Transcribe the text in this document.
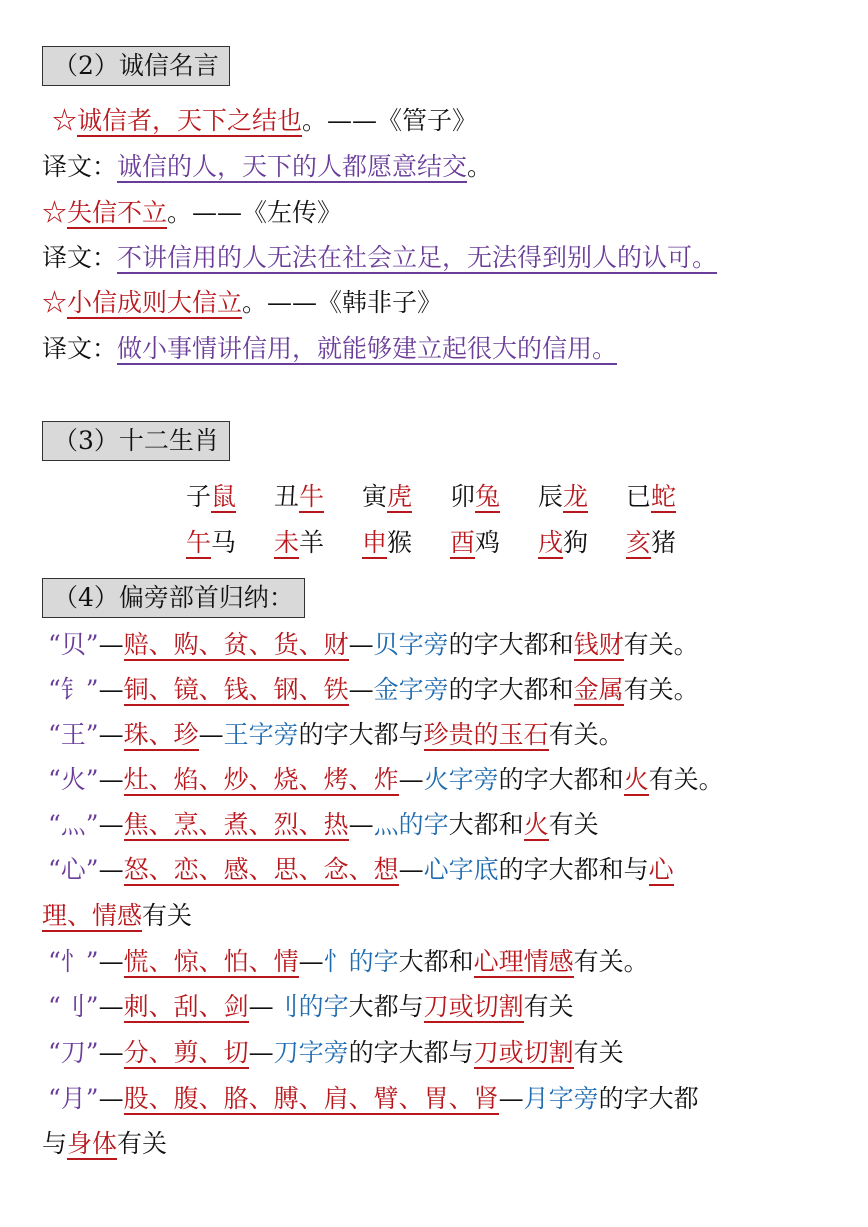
（2）诚信名言
☆诚信者，天下之结也。——《管子》
译文：诚信的人，天下的人都愿意结交。
☆失信不立。——《左传》
译文：不讲信用的人无法在社会立足，无法得到别人的认可。
☆小信成则大信立。——《韩非子》
译文：做小事情讲信用，就能够建立起很大的信用。
（3）十二生肖
子鼠 丑牛 寅虎 卯兔 辰龙 已蛇
午马 未羊 申猴 酉鸡 戌狗 亥猪
（4）偏旁部首归纳：
“贝”—赔、购、贫、货、财—贝字旁的字大都和钱财有关。
“钅”—铜、镜、钱、钢、铁—金字旁的字大都和金属有关。
“王”—珠、珍—王字旁的字大都与珍贵的玉石有关。
“火”—灶、焰、炒、烧、烤、炸—火字旁的字大都和火有关。
“灬”—焦、烹、煮、烈、热—灬的字大都和火有关
“心”—怒、恋、感、思、念、想—心字底的字大都和与心
理、情感有关
“忄”—慌、惊、怕、情—忄的字大都和心理情感有关。
“刂”—刺、刮、剑—刂的字大都与刀或切割有关
“刀”—分、剪、切—刀字旁的字大都与刀或切割有关
“月”—股、腹、胳、膊、肩、臂、胃、肾—月字旁的字大都
与身体有关
